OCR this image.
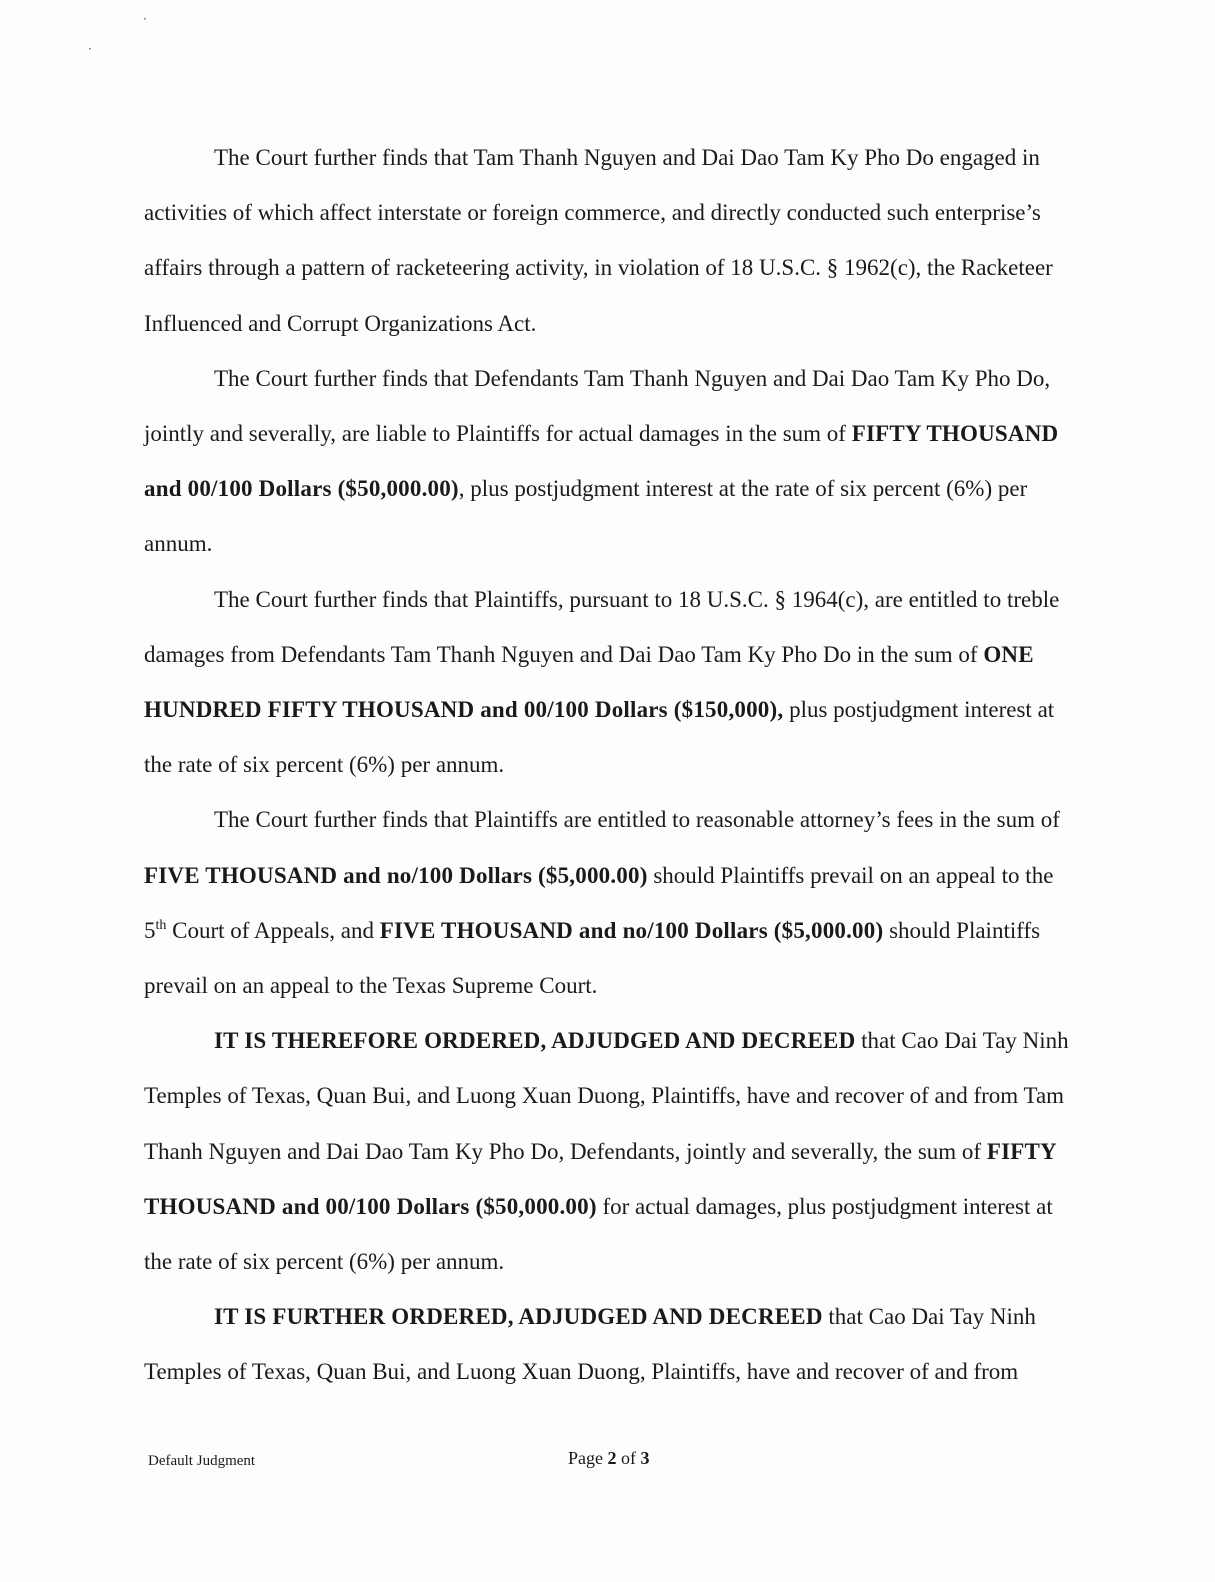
·
·

The Court further finds that Tam Thanh Nguyen and Dai Dao Tam Ky Pho Do engaged in activities of which affect interstate or foreign commerce, and directly conducted such enterprise’s affairs through a pattern of racketeering activity, in violation of 18 U.S.C. § 1962(c), the Racketeer Influenced and Corrupt Organizations Act.

The Court further finds that Defendants Tam Thanh Nguyen and Dai Dao Tam Ky Pho Do, jointly and severally, are liable to Plaintiffs for actual damages in the sum of FIFTY THOUSAND and 00/100 Dollars ($50,000.00), plus postjudgment interest at the rate of six percent (6%) per annum.

The Court further finds that Plaintiffs, pursuant to 18 U.S.C. § 1964(c), are entitled to treble damages from Defendants Tam Thanh Nguyen and Dai Dao Tam Ky Pho Do in the sum of ONE HUNDRED FIFTY THOUSAND and 00/100 Dollars ($150,000), plus postjudgment interest at the rate of six percent (6%) per annum.

The Court further finds that Plaintiffs are entitled to reasonable attorney’s fees in the sum of FIVE THOUSAND and no/100 Dollars ($5,000.00) should Plaintiffs prevail on an appeal to the 5th Court of Appeals, and FIVE THOUSAND and no/100 Dollars ($5,000.00) should Plaintiffs prevail on an appeal to the Texas Supreme Court.

IT IS THEREFORE ORDERED, ADJUDGED AND DECREED that Cao Dai Tay Ninh Temples of Texas, Quan Bui, and Luong Xuan Duong, Plaintiffs, have and recover of and from Tam Thanh Nguyen and Dai Dao Tam Ky Pho Do, Defendants, jointly and severally, the sum of FIFTY THOUSAND and 00/100 Dollars ($50,000.00) for actual damages, plus postjudgment interest at the rate of six percent (6%) per annum.

IT IS FURTHER ORDERED, ADJUDGED AND DECREED that Cao Dai Tay Ninh Temples of Texas, Quan Bui, and Luong Xuan Duong, Plaintiffs, have and recover of and from

Default Judgment	Page 2 of 3
